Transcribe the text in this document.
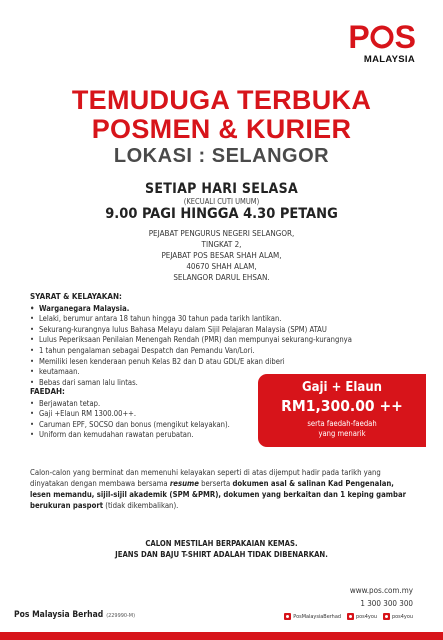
P S
MALAYSIA
TEMUDUGA TERBUKA
POSMEN & KURIER
LOKASI : SELANGOR
SETIAP HARI SELASA
(KECUALI CUTI UMUM)
9.00 PAGI HINGGA 4.30 PETANG
PEJABAT PENGURUS NEGERI SELANGOR,
TINGKAT 2,
PEJABAT POS BESAR SHAH ALAM,
40670 SHAH ALAM,
SELANGOR DARUL EHSAN.
SYARAT & KELAYAKAN:
• Warganegara Malaysia.
• Lelaki, berumur antara 18 tahun hingga 30 tahun pada tarikh lantikan.
• Sekurang-kurangnya lulus Bahasa Melayu dalam Sijil Pelajaran Malaysia (SPM) ATAU
• Lulus Peperiksaan Penilaian Menengah Rendah (PMR) dan mempunyai sekurang-kurangnya
• 1 tahun pengalaman sebagai Despatch dan Pemandu Van/Lori.
• Memiliki lesen kenderaan penuh Kelas B2 dan D atau GDL/E akan diberi
• keutamaan.
• Bebas dari saman lalu lintas.
FAEDAH:
• Berjawatan tetap.
• Gaji +Elaun RM 1300.00++.
• Caruman EPF, SOCSO dan bonus (mengikut kelayakan).
• Uniform dan kemudahan rawatan perubatan.
Gaji + Elaun
RM1,300.00 ++
serta faedah-faedah
yang menarik
Calon-calon yang berminat dan memenuhi kelayakan seperti di atas dijemput hadir pada tarikh yang dinyatakan dengan membawa bersama resume berserta dokumen asal & salinan Kad Pengenalan, lesen memandu, sijil-sijil akademik (SPM &PMR), dokumen yang berkaitan dan 1 keping gambar berukuran pasport (tidak dikembalikan).
CALON MESTILAH BERPAKAIAN KEMAS.
JEANS DAN BAJU T-SHIRT ADALAH TIDAK DIBENARKAN.
www.pos.com.my
1 300 300 300
PosMalaysiaBerhad	pos4you	pos4you
Pos Malaysia Berhad (229990-M)
